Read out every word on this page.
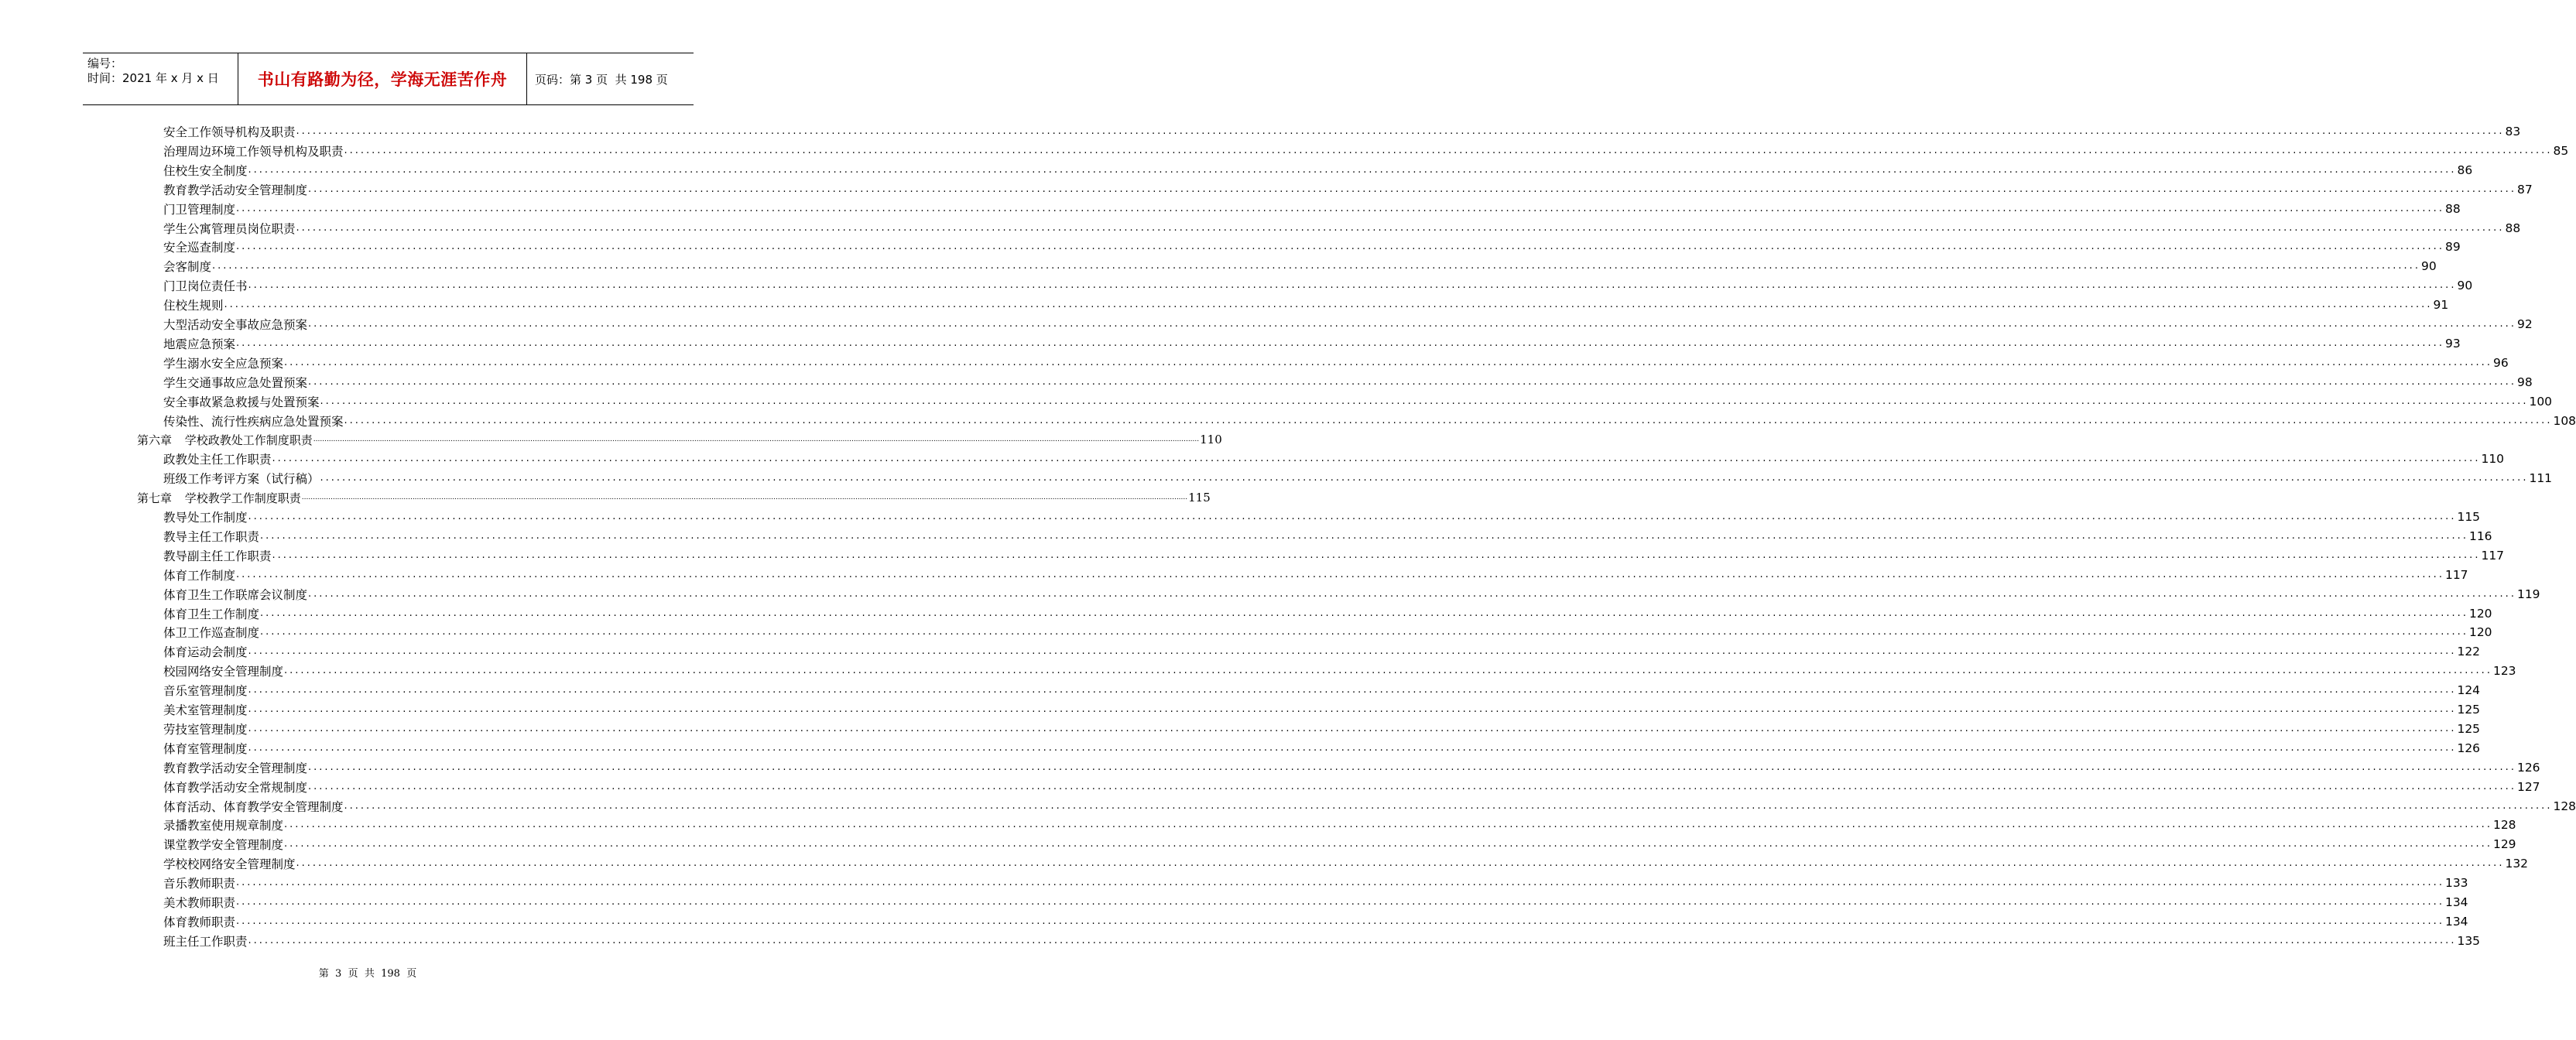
编号：
时间：2021 年 x 月 x 日	书山有路勤为径，学海无涯苦作舟	页码：第 3 页  共 198 页
安全工作领导机构及职责 ................................................................................................................................................................................................................................................................................................................................................................................................................ 83
治理周边环境工作领导机构及职责 ................................................................................................................................................................................................................................................................................................................................................................................................................ 85
住校生安全制度 ................................................................................................................................................................................................................................................................................................................................................................................................................ 86
教育教学活动安全管理制度 ................................................................................................................................................................................................................................................................................................................................................................................................................ 87
门卫管理制度 ................................................................................................................................................................................................................................................................................................................................................................................................................ 88
学生公寓管理员岗位职责 ................................................................................................................................................................................................................................................................................................................................................................................................................ 88
安全巡查制度 ................................................................................................................................................................................................................................................................................................................................................................................................................ 89
会客制度 ................................................................................................................................................................................................................................................................................................................................................................................................................ 90
门卫岗位责任书 ................................................................................................................................................................................................................................................................................................................................................................................................................ 90
住校生规则 ................................................................................................................................................................................................................................................................................................................................................................................................................ 91
大型活动安全事故应急预案 ................................................................................................................................................................................................................................................................................................................................................................................................................ 92
地震应急预案 ................................................................................................................................................................................................................................................................................................................................................................................................................ 93
学生溺水安全应急预案 ................................................................................................................................................................................................................................................................................................................................................................................................................ 96
学生交通事故应急处置预案 ................................................................................................................................................................................................................................................................................................................................................................................................................ 98
安全事故紧急救援与处置预案 ................................................................................................................................................................................................................................................................................................................................................................................................................ 100
传染性、流行性疾病应急处置预案 ................................................................................................................................................................................................................................................................................................................................................................................................................ 108
第六章 学校政教处工作制度职责 ................................................................................................................................................................................................................................................................................................................................................................................................................ 110
政教处主任工作职责 ................................................................................................................................................................................................................................................................................................................................................................................................................ 110
班级工作考评方案（试行稿） ................................................................................................................................................................................................................................................................................................................................................................................................................ 111
第七章 学校教学工作制度职责 ................................................................................................................................................................................................................................................................................................................................................................................................................ 115
教导处工作制度 ................................................................................................................................................................................................................................................................................................................................................................................................................ 115
教导主任工作职责 ................................................................................................................................................................................................................................................................................................................................................................................................................ 116
教导副主任工作职责 ................................................................................................................................................................................................................................................................................................................................................................................................................ 117
体育工作制度 ................................................................................................................................................................................................................................................................................................................................................................................................................ 117
体育卫生工作联席会议制度 ................................................................................................................................................................................................................................................................................................................................................................................................................ 119
体育卫生工作制度 ................................................................................................................................................................................................................................................................................................................................................................................................................ 120
体卫工作巡查制度 ................................................................................................................................................................................................................................................................................................................................................................................................................ 120
体育运动会制度 ................................................................................................................................................................................................................................................................................................................................................................................................................ 122
校园网络安全管理制度 ................................................................................................................................................................................................................................................................................................................................................................................................................ 123
音乐室管理制度 ................................................................................................................................................................................................................................................................................................................................................................................................................ 124
美术室管理制度 ................................................................................................................................................................................................................................................................................................................................................................................................................ 125
劳技室管理制度 ................................................................................................................................................................................................................................................................................................................................................................................................................ 125
体育室管理制度 ................................................................................................................................................................................................................................................................................................................................................................................................................ 126
教育教学活动安全管理制度 ................................................................................................................................................................................................................................................................................................................................................................................................................ 126
体育教学活动安全常规制度 ................................................................................................................................................................................................................................................................................................................................................................................................................ 127
体育活动、体育教学安全管理制度 ................................................................................................................................................................................................................................................................................................................................................................................................................ 128
录播教室使用规章制度 ................................................................................................................................................................................................................................................................................................................................................................................................................ 128
课堂教学安全管理制度 ................................................................................................................................................................................................................................................................................................................................................................................................................ 129
学校校网络安全管理制度 ................................................................................................................................................................................................................................................................................................................................................................................................................ 132
音乐教师职责 ................................................................................................................................................................................................................................................................................................................................................................................................................ 133
美术教师职责 ................................................................................................................................................................................................................................................................................................................................................................................................................ 134
体育教师职责 ................................................................................................................................................................................................................................................................................................................................................................................................................ 134
班主任工作职责 ................................................................................................................................................................................................................................................................................................................................................................................................................ 135
第  3  页  共  198  页
